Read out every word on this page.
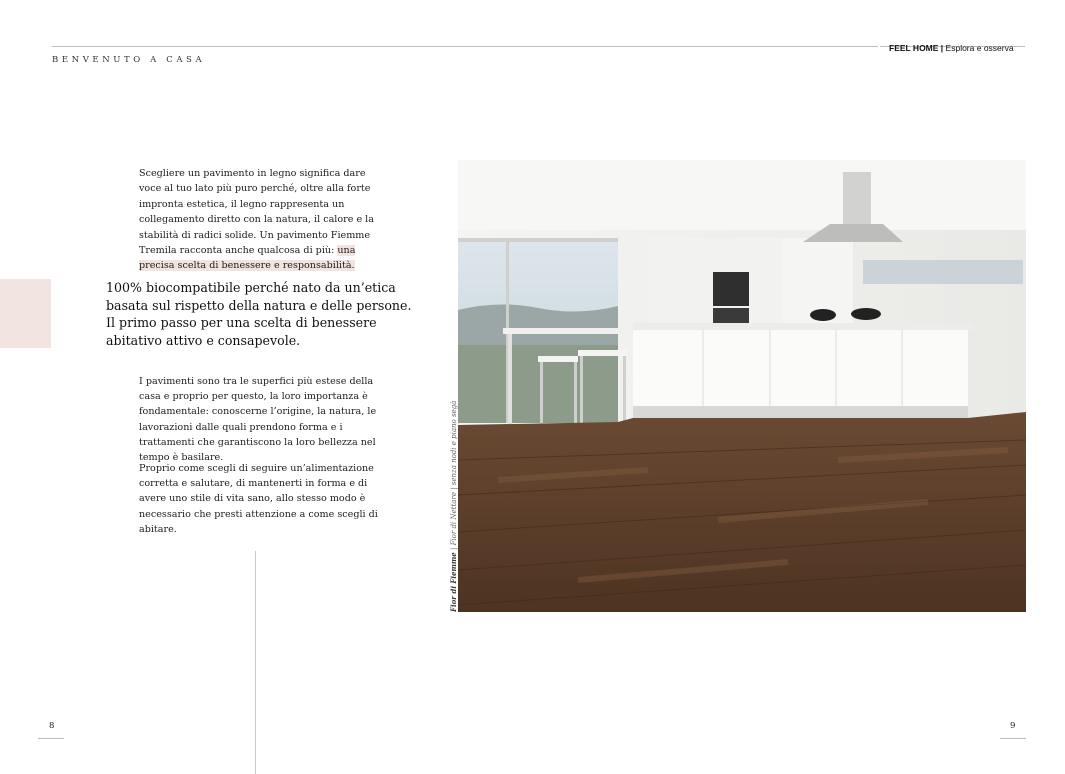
BENVENUTO A CASA
FEEL HOME | Esplora e osserva
Scegliere un pavimento in legno significa dare voce al tuo lato più puro perché, oltre alla forte impronta estetica, il legno rappresenta un collegamento diretto con la natura, il calore e la stabilità di radici solide. Un pavimento Fiemme Tremila racconta anche qualcosa di più: una precisa scelta di benessere e responsabilità.
100% biocompatibile perché nato da un’etica basata sul rispetto della natura e delle persone.
Il primo passo per una scelta di benessere abitativo attivo e consapevole.
I pavimenti sono tra le superfici più estese della casa e proprio per questo, la loro importanza è fondamentale: conoscerne l’origine, la natura, le lavorazioni dalle quali prendono forma e i trattamenti che garantiscono la loro bellezza nel tempo è basilare.
Proprio come scegli di seguire un’alimentazione corretta e salutare, di mantenerti in forma e di avere uno stile di vita sano, allo stesso modo è necessario che presti attenzione a come scegli di abitare.
Fior di Fiemme | Fior di Nettare | senza nodi e piano segà
8	9
